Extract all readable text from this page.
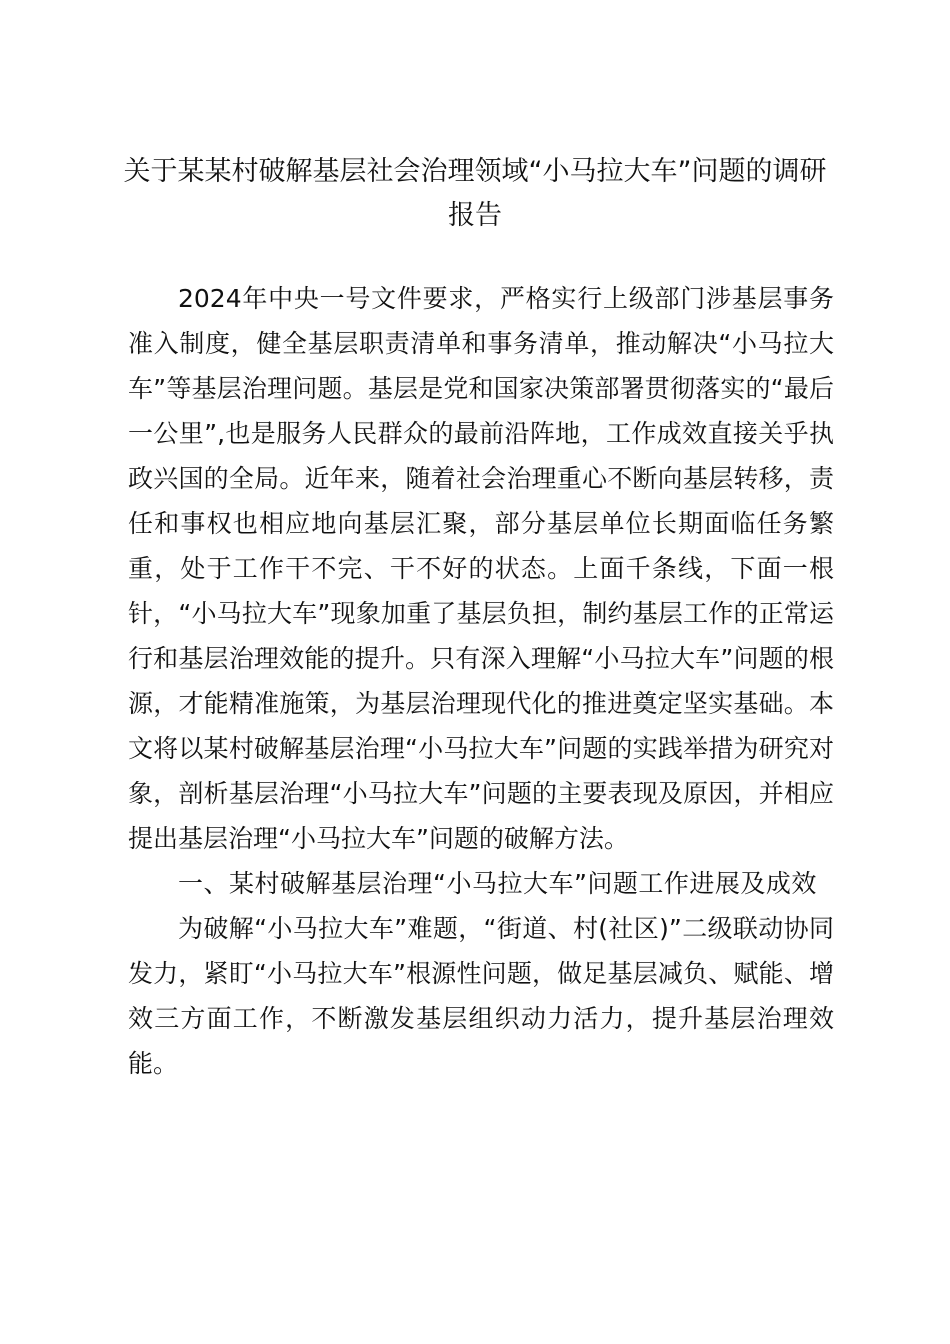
关于某某村破解基层社会治理领域“小马拉大车”问题的调研报告

2024年中央一号文件要求，严格实行上级部门涉基层事务准入制度，健全基层职责清单和事务清单，推动解决“小马拉大车”等基层治理问题。基层是党和国家决策部署贯彻落实的“最后一公里”,也是服务人民群众的最前沿阵地，工作成效直接关乎执政兴国的全局。近年来，随着社会治理重心不断向基层转移，责任和事权也相应地向基层汇聚，部分基层单位长期面临任务繁重，处于工作干不完、干不好的状态。上面千条线，下面一根针，“小马拉大车”现象加重了基层负担，制约基层工作的正常运行和基层治理效能的提升。只有深入理解“小马拉大车”问题的根源，才能精准施策，为基层治理现代化的推进奠定坚实基础。本文将以某村破解基层治理“小马拉大车”问题的实践举措为研究对象，剖析基层治理“小马拉大车”问题的主要表现及原因，并相应提出基层治理“小马拉大车”问题的破解方法。

一、某村破解基层治理“小马拉大车”问题工作进展及成效

为破解“小马拉大车”难题，“街道、村(社区)”二级联动协同发力，紧盯“小马拉大车”根源性问题，做足基层减负、赋能、增效三方面工作，不断激发基层组织动力活力，提升基层治理效能。
